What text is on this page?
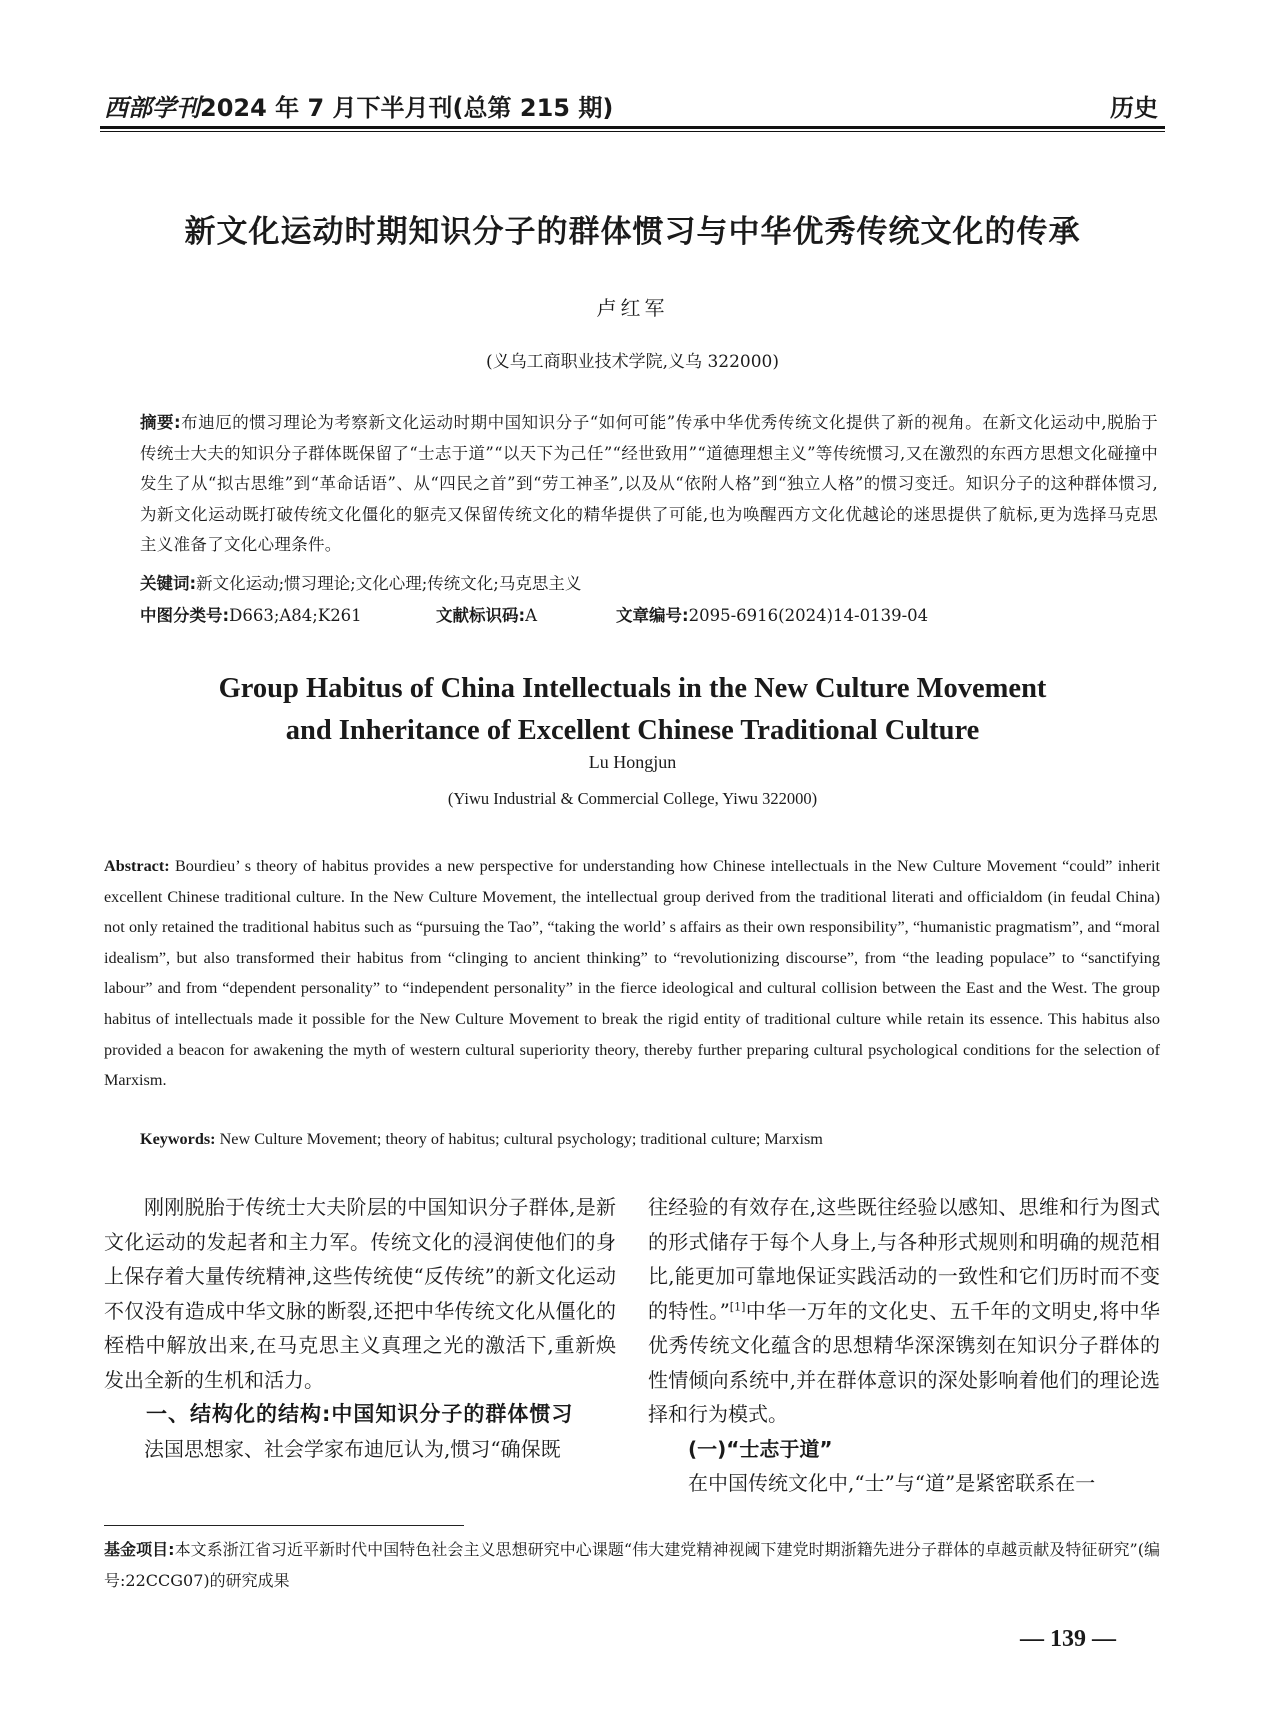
西部学刊2024 年 7 月下半月刊(总第 215 期)	历史
新文化运动时期知识分子的群体惯习与中华优秀传统文化的传承
卢红军
(义乌工商职业技术学院,义乌 322000)
摘要:布迪厄的惯习理论为考察新文化运动时期中国知识分子“如何可能”传承中华优秀传统文化提供了新的视角。在新文化运动中,脱胎于传统士大夫的知识分子群体既保留了“士志于道”“以天下为己任”“经世致用”“道德理想主义”等传统惯习,又在激烈的东西方思想文化碰撞中发生了从“拟古思维”到“革命话语”、从“四民之首”到“劳工神圣”,以及从“依附人格”到“独立人格”的惯习变迁。知识分子的这种群体惯习,为新文化运动既打破传统文化僵化的躯壳又保留传统文化的精华提供了可能,也为唤醒西方文化优越论的迷思提供了航标,更为选择马克思主义准备了文化心理条件。
关键词:新文化运动;惯习理论;文化心理;传统文化;马克思主义
中图分类号:D663;A84;K261	文献标识码:A	文章编号:2095-6916(2024)14-0139-04
Group Habitus of China Intellectuals in the New Culture Movement
and Inheritance of Excellent Chinese Traditional Culture
Lu Hongjun
(Yiwu Industrial & Commercial College, Yiwu 322000)
Abstract: Bourdieu’ s theory of habitus provides a new perspective for understanding how Chinese intellectuals in the New Culture Movement “could” inherit excellent Chinese traditional culture. In the New Culture Movement, the intellectual group derived from the traditional literati and officialdom (in feudal China) not only retained the traditional habitus such as “pursuing the Tao”, “taking the world’ s affairs as their own responsibility”, “humanistic pragmatism”, and “moral idealism”, but also transformed their habitus from “clinging to ancient thinking” to “revolutionizing discourse”, from “the leading populace” to “sanctifying labour” and from “dependent personality” to “independent personality” in the fierce ideological and cultural collision between the East and the West. The group habitus of intellectuals made it possible for the New Culture Movement to break the rigid entity of traditional culture while retain its essence. This habitus also provided a beacon for awakening the myth of western cultural superiority theory, thereby further preparing cultural psychological conditions for the selection of Marxism.
Keywords: New Culture Movement; theory of habitus; cultural psychology; traditional culture; Marxism

刚刚脱胎于传统士大夫阶层的中国知识分子群体,是新文化运动的发起者和主力军。传统文化的浸润使他们的身上保存着大量传统精神,这些传统使“反传统”的新文化运动不仅没有造成中华文脉的断裂,还把中华传统文化从僵化的桎梏中解放出来,在马克思主义真理之光的激活下,重新焕发出全新的生机和活力。

一、结构化的结构:中国知识分子的群体惯习

法国思想家、社会学家布迪厄认为,惯习“确保既

往经验的有效存在,这些既往经验以感知、思维和行为图式的形式储存于每个人身上,与各种形式规则和明确的规范相比,能更加可靠地保证实践活动的一致性和它们历时而不变的特性。”[1]中华一万年的文化史、五千年的文明史,将中华优秀传统文化蕴含的思想精华深深镌刻在知识分子群体的性情倾向系统中,并在群体意识的深处影响着他们的理论选择和行为模式。

(一)“士志于道”

在中国传统文化中,“士”与“道”是紧密联系在一

基金项目:本文系浙江省习近平新时代中国特色社会主义思想研究中心课题“伟大建党精神视阈下建党时期浙籍先进分子群体的卓越贡献及特征研究”(编号:22CCG07)的研究成果
— 139 —
